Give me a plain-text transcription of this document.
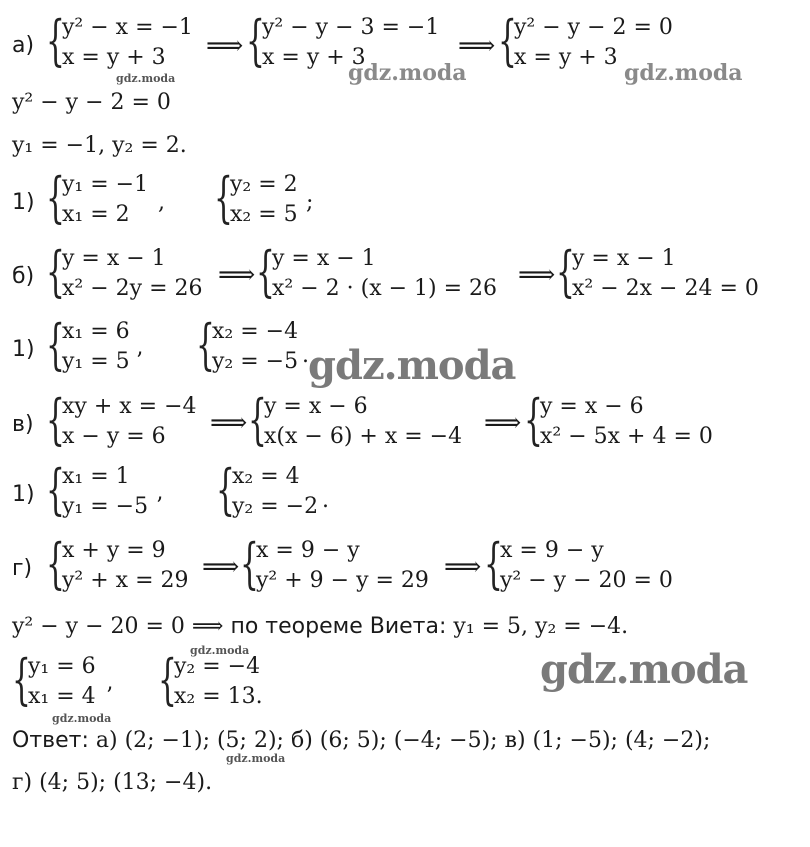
а) {
y² − x = −1
x = y + 3 ⟹ {
y² − y − 3 = −1
x = y + 3	⟹ {
y² − y − 2 = 0
x = y + 3
y² − y − 2 = 0
y₁ = −1, y₂ = 2.
1) {
y₁ = −1
x₁ = 2 , {
y₂ = 2
x₂ = 5 ;
б) {
y = x − 1
x² − 2y = 26 ⟹ {
y = x − 1
x² − 2 · (x − 1) = 26 ⟹ {
y = x − 1
x² − 2x − 24 = 0
1) {
x₁ = 6
y₁ = 5 ’ {
x₂ = −4
y₂ = −5 .
в) {
xy + x = −4
x − y = 6 ⟹ {
y = x − 6
x(x − 6) + x = −4 ⟹ {
y = x − 6
x² − 5x + 4 = 0
1) {
x₁ = 1
y₁ = −5 ’ {
x₂ = 4
y₂ = −2 .
г) {
x + y = 9
y² + x = 29 ⟹ {
x = 9 − y
y² + 9 − y = 29 ⟹ {
x = 9 − y
y² − y − 20 = 0
y² − y − 20 = 0 ⟹ по теореме Виета: y₁ = 5, y₂ = −4.
{
y₁ = 6
x₁ = 4 ’ {
y₂ = −4
x₂ = 13.
Ответ: а) (2; −1); (5; 2); б) (6; 5); (−4; −5); в) (1; −5); (4; −2);
г) (4; 5); (13; −4).
gdz.moda	gdz.moda	gdz.moda
gdz.moda
gdz.moda	gdz.moda
gdz.moda
gdz.moda
